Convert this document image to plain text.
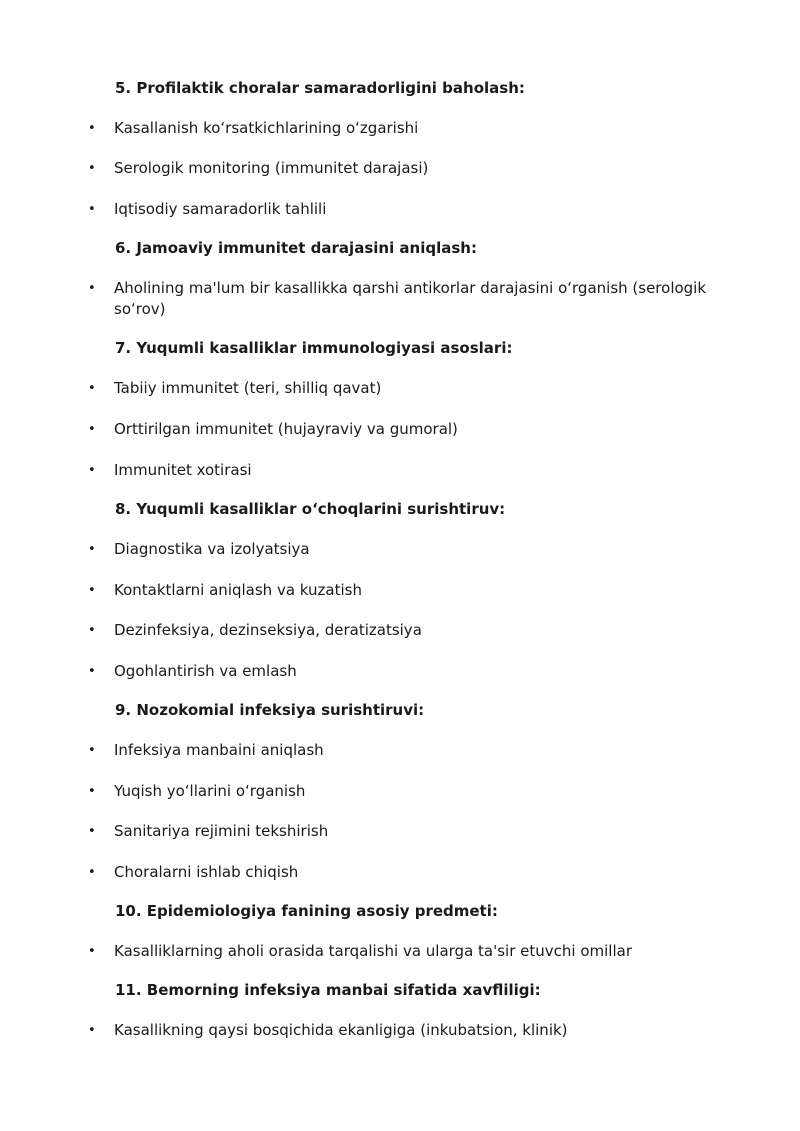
5. Profilaktik choralar samaradorligini baholash:
• Kasallanish koʻrsatkichlarining oʻzgarishi
• Serologik monitoring (immunitet darajasi)
• Iqtisodiy samaradorlik tahlili
6. Jamoaviy immunitet darajasini aniqlash:
• Aholining ma'lum bir kasallikka qarshi antikorlar darajasini oʻrganish (serologik soʻrov)
7. Yuqumli kasalliklar immunologiyasi asoslari:
• Tabiiy immunitet (teri, shilliq qavat)
• Orttirilgan immunitet (hujayraviy va gumoral)
• Immunitet xotirasi
8. Yuqumli kasalliklar oʻchoqlarini surishtiruv:
• Diagnostika va izolyatsiya
• Kontaktlarni aniqlash va kuzatish
• Dezinfeksiya, dezinseksiya, deratizatsiya
• Ogohlantirish va emlash
9. Nozokomial infeksiya surishtiruvi:
• Infeksiya manbaini aniqlash
• Yuqish yoʻllarini oʻrganish
• Sanitariya rejimini tekshirish
• Choralarni ishlab chiqish
10. Epidemiologiya fanining asosiy predmeti:
• Kasalliklarning aholi orasida tarqalishi va ularga ta'sir etuvchi omillar
11. Bemorning infeksiya manbai sifatida xavfliligi:
• Kasallikning qaysi bosqichida ekanligiga (inkubatsion, klinik)
